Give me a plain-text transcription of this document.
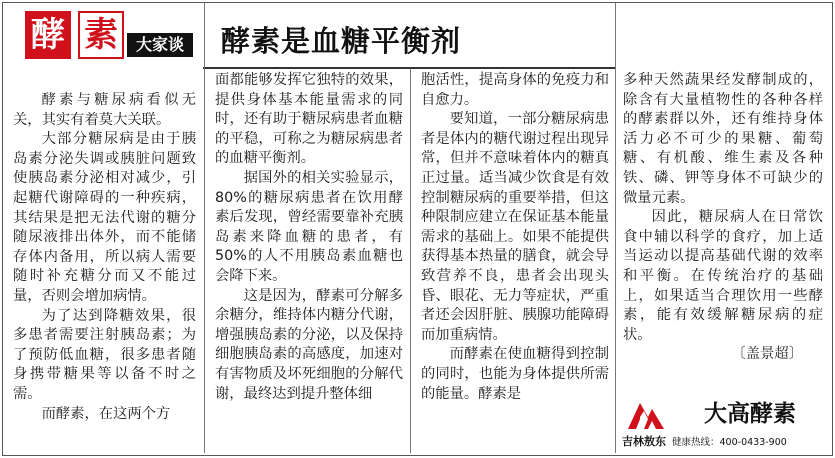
酵 素	大家谈	酵素是血糖平衡剂

酵素与糖尿病看似无关，其实有着莫大关联。

大部分糖尿病是由于胰岛素分泌失调或胰脏问题致使胰岛素分泌相对减少，引起糖代谢障碍的一种疾病，其结果是把无法代谢的糖分随尿液排出体外，而不能储存体内备用，所以病人需要随时补充糖分而又不能过量，否则会增加病情。

为了达到降糖效果，很多患者需要注射胰岛素；为了预防低血糖，很多患者随身携带糖果等以备不时之需。

而酵素，在这两个方

面都能够发挥它独特的效果，提供身体基本能量需求的同时，还有助于糖尿病患者血糖的平稳，可称之为糖尿病患者的血糖平衡剂。

据国外的相关实验显示，80%的糖尿病患者在饮用酵素后发现，曾经需要靠补充胰岛素来降血糖的患者，有50%的人不用胰岛素血糖也会降下来。

这是因为，酵素可分解多余糖分，维持体内糖分代谢，增强胰岛素的分泌，以及保持细胞胰岛素的高感度，加速对有害物质及坏死细胞的分解代谢，最终达到提升整体细

胞活性，提高身体的免疫力和自愈力。

要知道，一部分糖尿病患者是体内的糖代谢过程出现异常，但并不意味着体内的糖真正过量。适当减少饮食是有效控制糖尿病的重要举措，但这种限制应建立在保证基本能量需求的基础上。如果不能提供获得基本热量的膳食，就会导致营养不良，患者会出现头昏、眼花、无力等症状，严重者还会因肝脏、胰腺功能障碍而加重病情。

而酵素在使血糖得到控制的同时，也能为身体提供所需的能量。酵素是

多种天然蔬果经发酵制成的，除含有大量植物性的各种各样的酵素群以外，还有维持身体活力必不可少的果糖、葡萄糖、有机酸、维生素及各种铁、磷、钾等身体不可缺少的微量元素。

因此，糖尿病人在日常饮食中辅以科学的食疗，加上适当运动以提高基础代谢的效率和平衡。在传统治疗的基础上，如果适当合理饮用一些酵素，能有效缓解糖尿病的症状。
〔盖景超〕

大高酵素
吉林敖东 健康热线：400-0433-900
